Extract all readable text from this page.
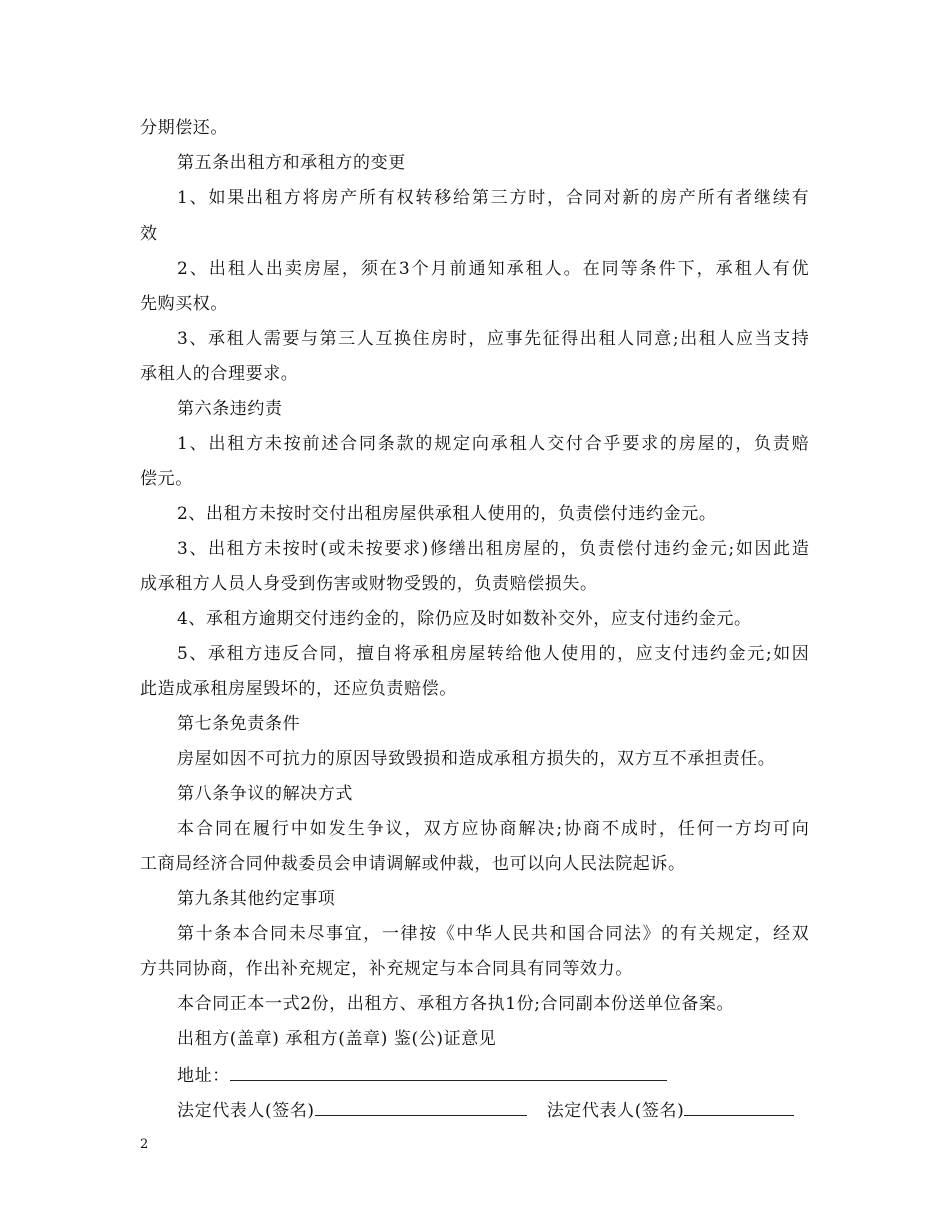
分期偿还。
第五条出租方和承租方的变更
1 、 如 果 出 租 方 将 房 产 所 有 权 转 移 给 第 三 方 时 ， 合 同 对 新 的 房 产 所 有 者 继 续 有
效
2 、 出 租 人 出 卖 房 屋 ， 须 在 3 个 月 前 通 知 承 租 人 。 在 同 等 条 件 下 ， 承 租 人 有 优
先购买权。
3 、 承 租 人 需 要 与 第 三 人 互 换 住 房 时 ， 应 事 先 征 得 出 租 人 同 意 ; 出 租 人 应 当 支 持
承租人的合理要求。
第六条违约责
1 、 出 租 方 未 按 前 述 合 同 条 款 的 规 定 向 承 租 人 交 付 合 乎 要 求 的 房 屋 的 ， 负 责 赔
偿元。
2、出租方未按时交付出租房屋供承租人使用的，负责偿付违约金元。
3 、 出 租 方 未 按 时 ( 或 未 按 要 求 ) 修 缮 出 租 房 屋 的 ， 负 责 偿 付 违 约 金 元 ; 如 因 此 造
成承租方人员人身受到伤害或财物受毁的，负责赔偿损失。
4、承租方逾期交付违约金的，除仍应及时如数补交外，应支付违约金元。
5 、 承 租 方 违 反 合 同 ， 擅 自 将 承 租 房 屋 转 给 他 人 使 用 的 ， 应 支 付 违 约 金 元 ; 如 因
此造成承租房屋毁坏的，还应负责赔偿。
第七条免责条件
房屋如因不可抗力的原因导致毁损和造成承租方损失的，双方互不承担责任。
第八条争议的解决方式
本 合 同 在 履 行 中 如 发 生 争 议 ， 双 方 应 协 商 解 决 ; 协 商 不 成 时 ， 任 何 一 方 均 可 向
工商局经济合同仲裁委员会申请调解或仲裁，也可以向人民法院起诉。
第九条其他约定事项
第 十 条 本 合 同 未 尽 事 宜 ， 一 律 按 《 中 华 人 民 共 和 国 合 同 法 》 的 有 关 规 定 ， 经 双
方共同协商，作出补充规定，补充规定与本合同具有同等效力。
本合同正本一式2份，出租方、承租方各执1份;合同副本份送单位备案。
出租方(盖章) 承租方(盖章) 鉴(公)证意见
地址：
法定代表人(签名)	法定代表人(签名)
2
